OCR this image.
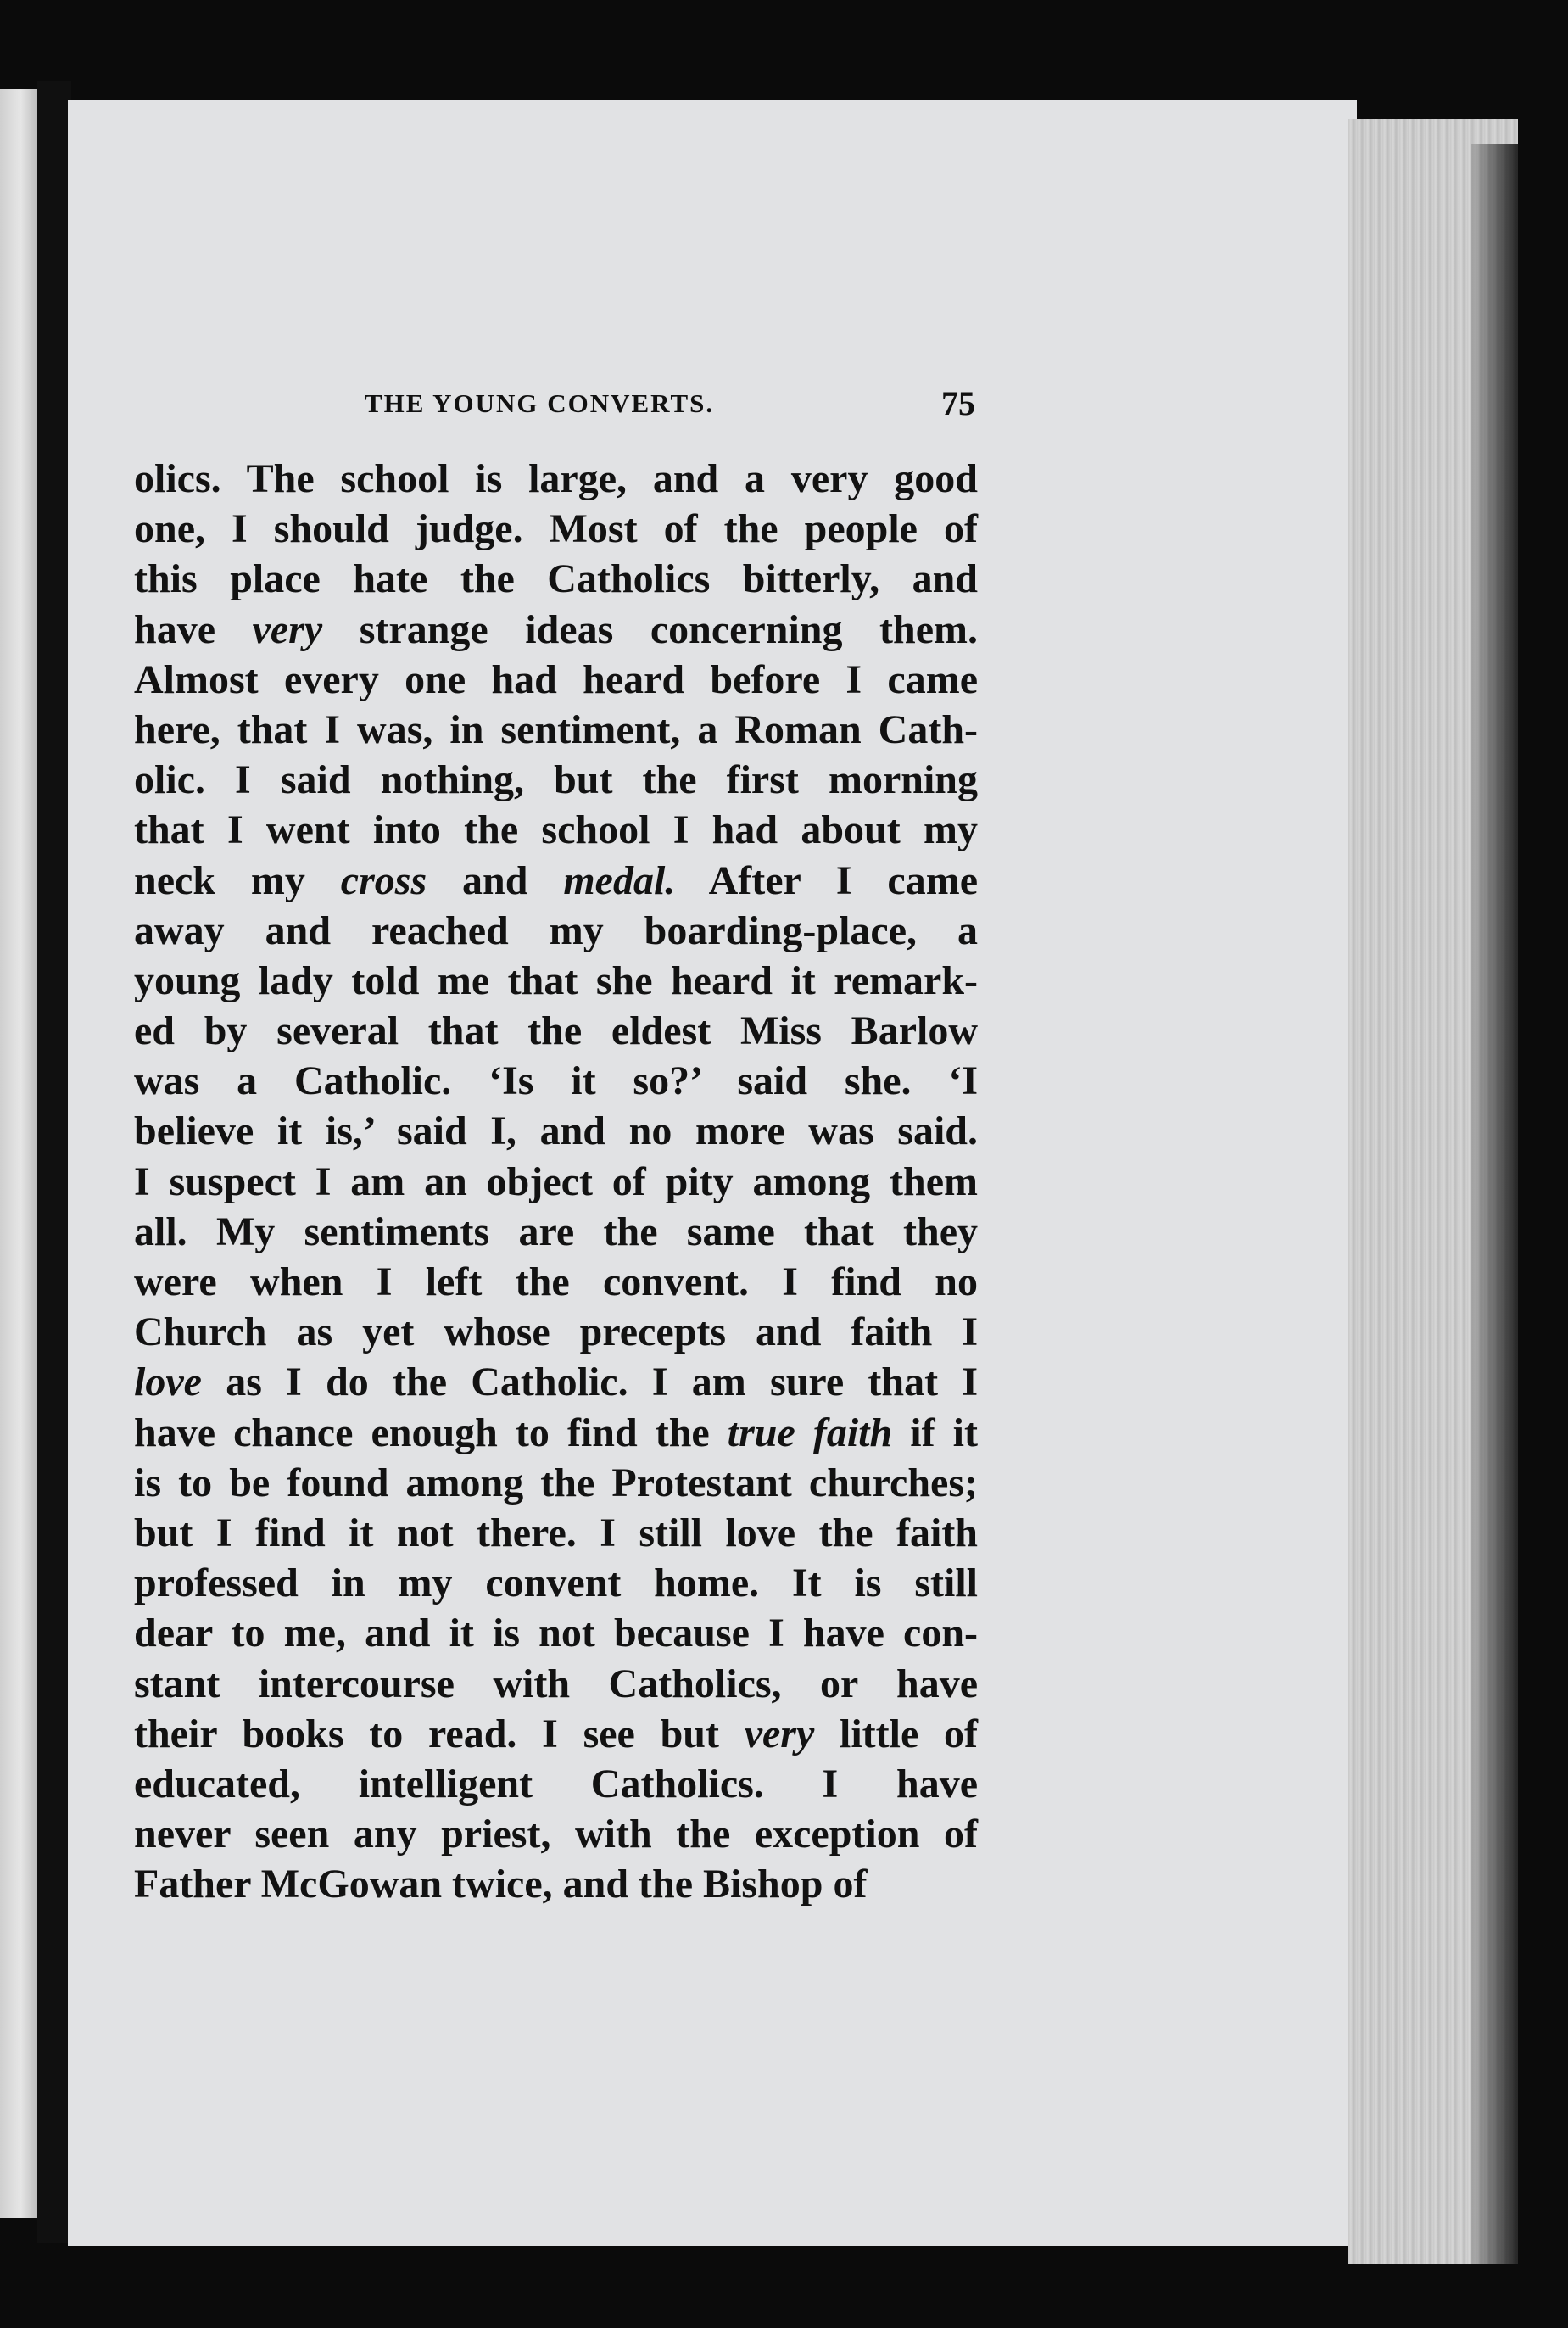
THE YOUNG CONVERTS.	75
olics. The school is large, and a very good
one, I should judge. Most of the people of
this place hate the Catholics bitterly, and
have very strange ideas concerning them.
Almost every one had heard before I came
here, that I was, in sentiment, a Roman Cath-
olic. I said nothing, but the first morning
that I went into the school I had about my
neck my cross and medal. After I came
away and reached my boarding-place, a
young lady told me that she heard it remark-
ed by several that the eldest Miss Barlow
was a Catholic. ‘Is it so?’ said she. ‘I
believe it is,’ said I, and no more was said.
I suspect I am an object of pity among them
all. My sentiments are the same that they
were when I left the convent. I find no
Church as yet whose precepts and faith I
love as I do the Catholic. I am sure that I
have chance enough to find the true faith if it
is to be found among the Protestant churches;
but I find it not there. I still love the faith
professed in my convent home. It is still
dear to me, and it is not because I have con-
stant intercourse with Catholics, or have
their books to read. I see but very little of
educated, intelligent Catholics. I have
never seen any priest, with the exception of
Father McGowan twice, and the Bishop of
